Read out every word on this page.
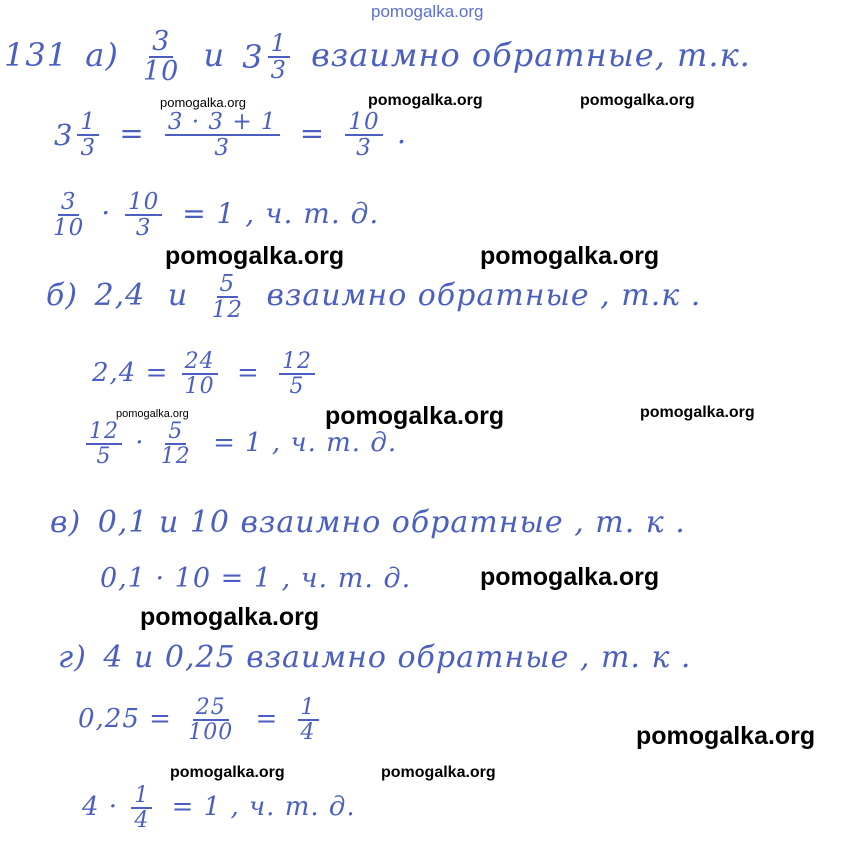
pomogalka.org
pomogalka.org	pomogalka.org	pomogalka.org
pomogalka.org	pomogalka.org
pomogalka.org	pomogalka.org	pomogalka.org
pomogalka.org
pomogalka.org
pomogalka.org
pomogalka.org	pomogalka.org
131 $а) \frac{3}{10}$ и $3 \frac{1}{3}$ взаимно обратные, т.к.
$3 \frac{1}{3} = \frac{3 \cdot 3 + 1}{3} = \frac{10}{3}$ .
$\frac{3}{10} \cdot \frac{10}{3} = 1$ , ч. т. д.
б) 2,4 и $\frac{5}{12}$ взаимно обратные , т.к .
$2,4 = \frac{24}{10} = \frac{12}{5}$
$\frac{12}{5} \cdot \frac{5}{12} = 1$ , ч. т. д.
в) 0,1 и 10 взаимно обратные , т. к .
0,1 · 10 = 1 , ч. т. д.
г) 4 и 0,25 взаимно обратные , т. к .
$0,25 = \frac{25}{100} = \frac{1}{4}$
$4 \cdot \frac{1}{4} = 1$ , ч. т. д.
